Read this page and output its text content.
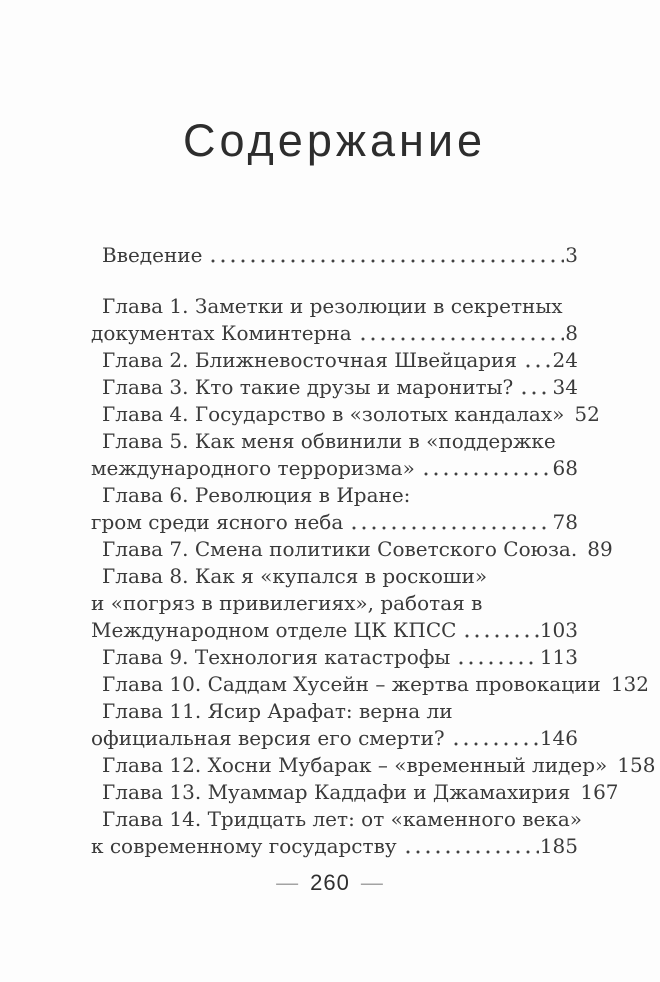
Содержание
Введение	3
Глава 1. Заметки и резолюции в секретных
документах Коминтерна	8
Глава 2. Ближневосточная Швейцария 24
Глава 3. Кто такие друзы и марониты? 34
Глава 4. Государство в «золотых кандалах» 52
Глава 5. Как меня обвинили в «поддержке
международного терроризма»	68
Глава 6. Революция в Иране:
гром среди ясного неба	78
Глава 7. Смена политики Советского Союза. 89
Глава 8. Как я «купался в роскоши»
и «погряз в привилегиях», работая в
Международном отделе ЦК КПСС	103
Глава 9. Технология катастрофы	113
Глава 10. Саддам Хусейн – жертва провокации 132
Глава 11. Ясир Арафат: верна ли
официальная версия его смерти?	146
Глава 12. Хосни Мубарак – «временный лидер» 158
Глава 13. Муаммар Каддафи и Джамахирия 167
Глава 14. Тридцать лет: от «каменного века»
к современному государству	185
— 260 —
